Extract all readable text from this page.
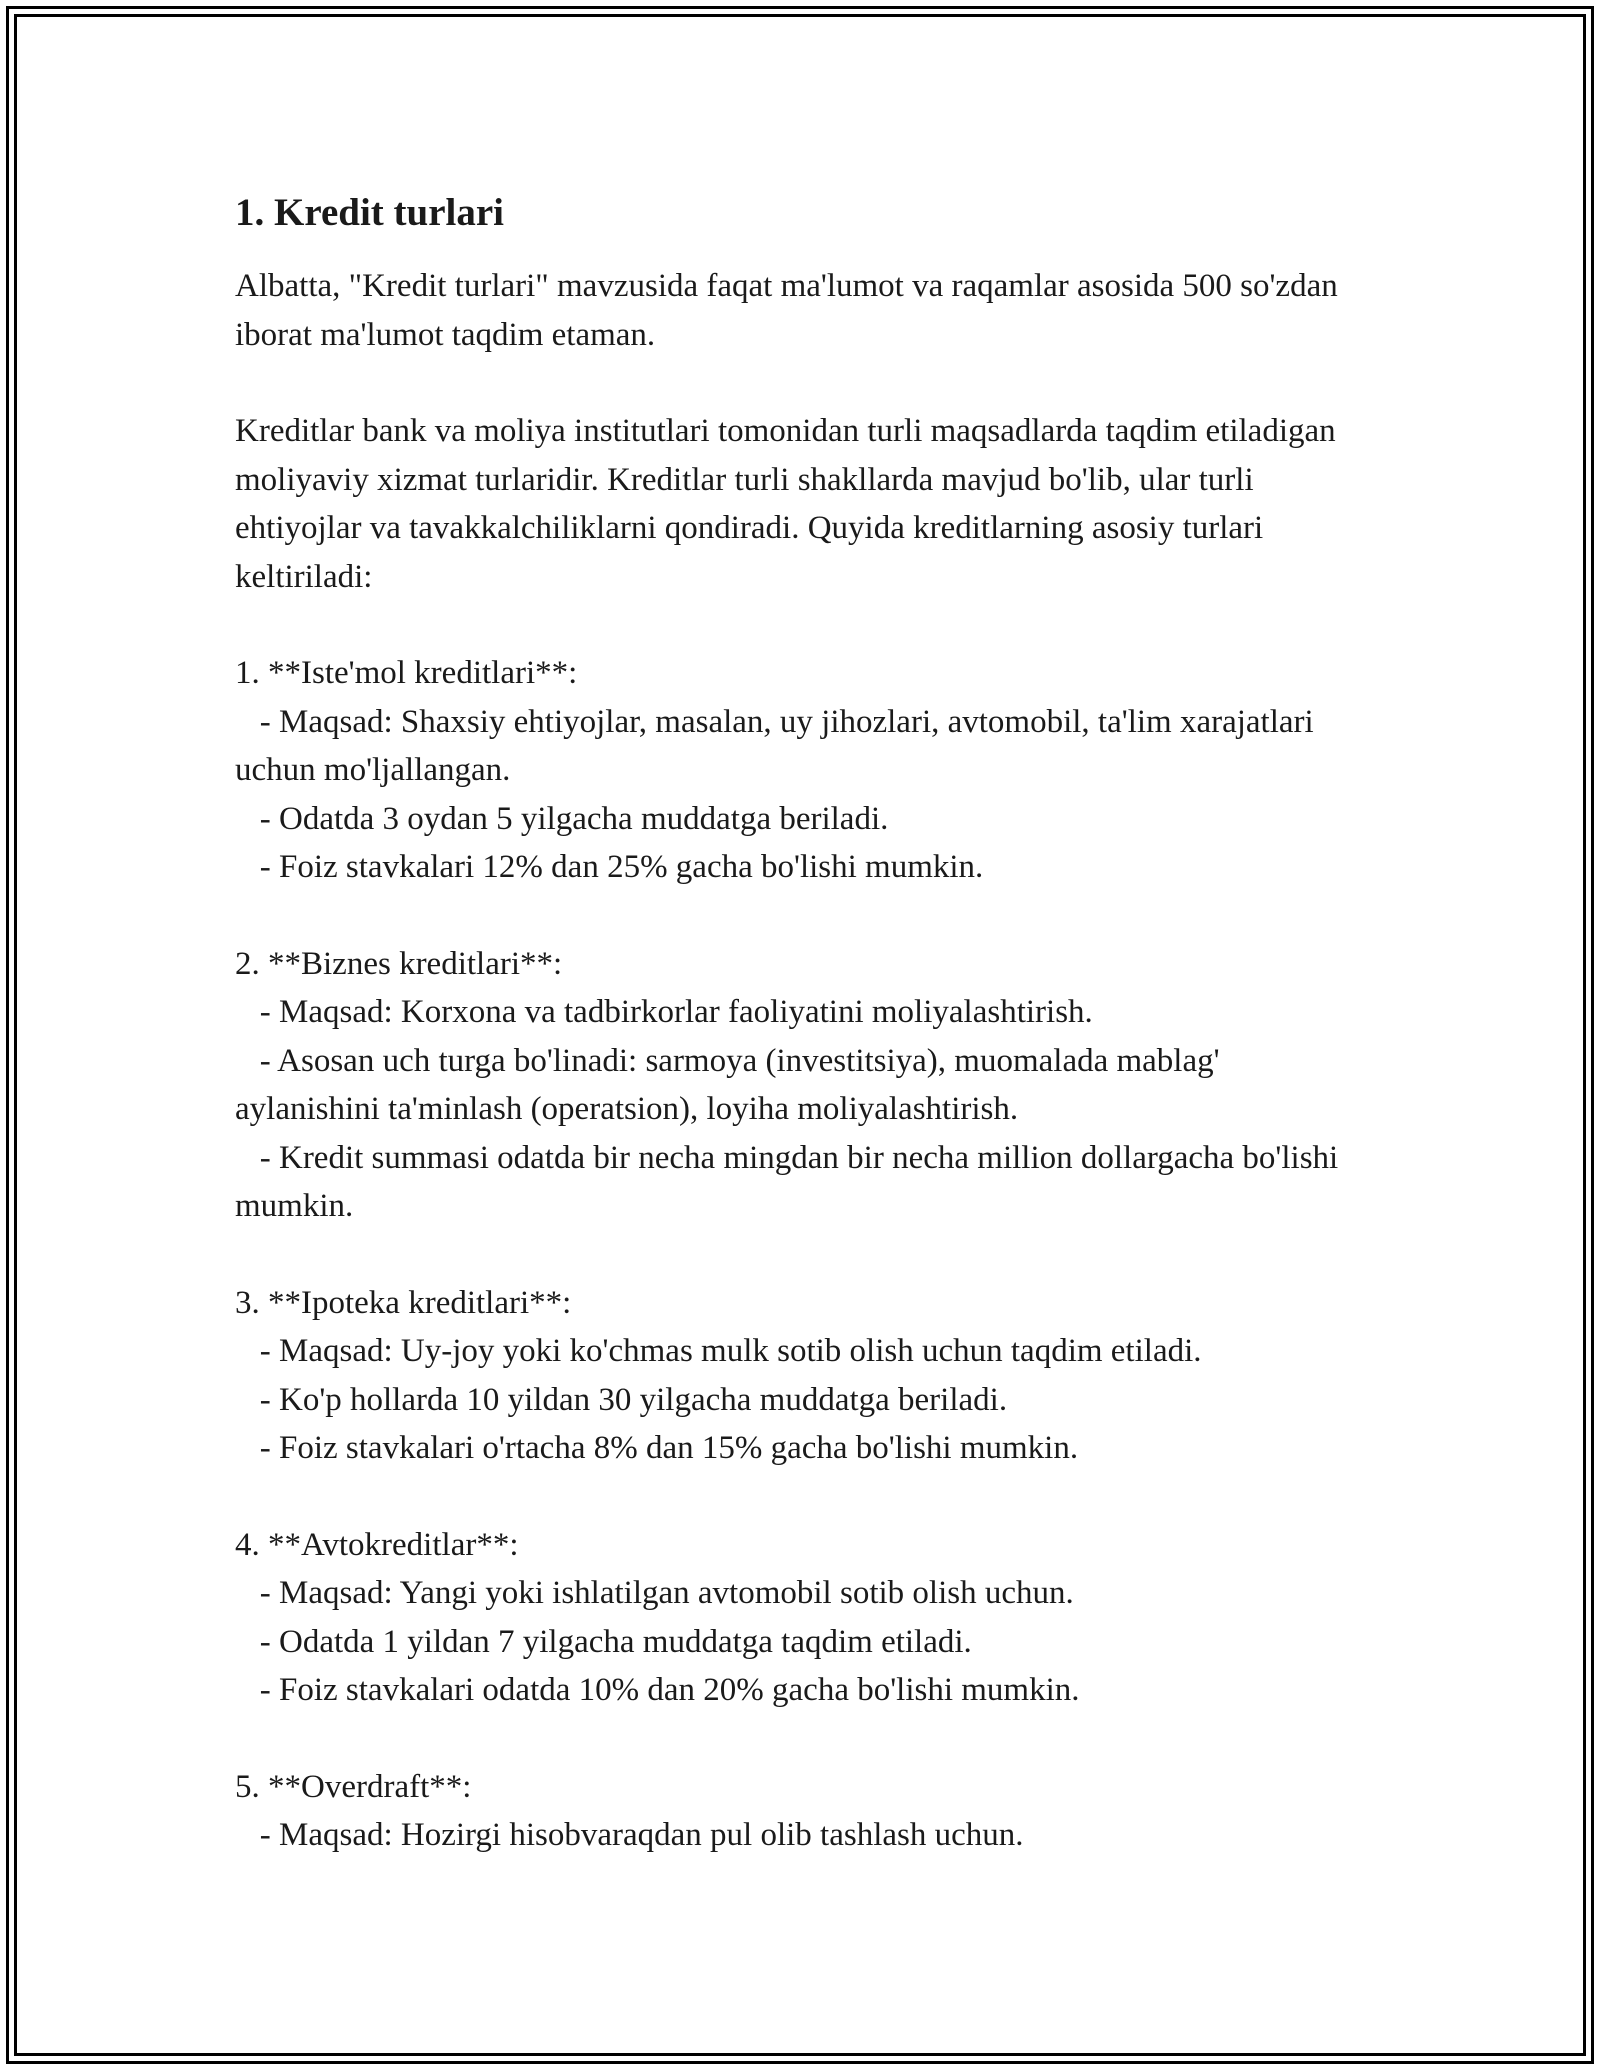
1. Kredit turlari

Albatta, "Kredit turlari" mavzusida faqat ma'lumot va raqamlar asosida 500 so'zdan iborat ma'lumot taqdim etaman.

Kreditlar bank va moliya institutlari tomonidan turli maqsadlarda taqdim etiladigan moliyaviy xizmat turlaridir. Kreditlar turli shakllarda mavjud bo'lib, ular turli ehtiyojlar va tavakkalchiliklarni qondiradi. Quyida kreditlarning asosiy turlari keltiriladi:

1. **Iste'mol kreditlari**:
- Maqsad: Shaxsiy ehtiyojlar, masalan, uy jihozlari, avtomobil, ta'lim xarajatlari uchun mo'ljallangan.
- Odatda 3 oydan 5 yilgacha muddatga beriladi.
- Foiz stavkalari 12% dan 25% gacha bo'lishi mumkin.
2. **Biznes kreditlari**:
- Maqsad: Korxona va tadbirkorlar faoliyatini moliyalashtirish.
- Asosan uch turga bo'linadi: sarmoya (investitsiya), muomalada mablag' aylanishini ta'minlash (operatsion), loyiha moliyalashtirish.
- Kredit summasi odatda bir necha mingdan bir necha million dollargacha bo'lishi mumkin.
3. **Ipoteka kreditlari**:
- Maqsad: Uy-joy yoki ko'chmas mulk sotib olish uchun taqdim etiladi.
- Ko'p hollarda 10 yildan 30 yilgacha muddatga beriladi.
- Foiz stavkalari o'rtacha 8% dan 15% gacha bo'lishi mumkin.
4. **Avtokreditlar**:
- Maqsad: Yangi yoki ishlatilgan avtomobil sotib olish uchun.
- Odatda 1 yildan 7 yilgacha muddatga taqdim etiladi.
- Foiz stavkalari odatda 10% dan 20% gacha bo'lishi mumkin.
5. **Overdraft**:
- Maqsad: Hozirgi hisobvaraqdan pul olib tashlash uchun.
